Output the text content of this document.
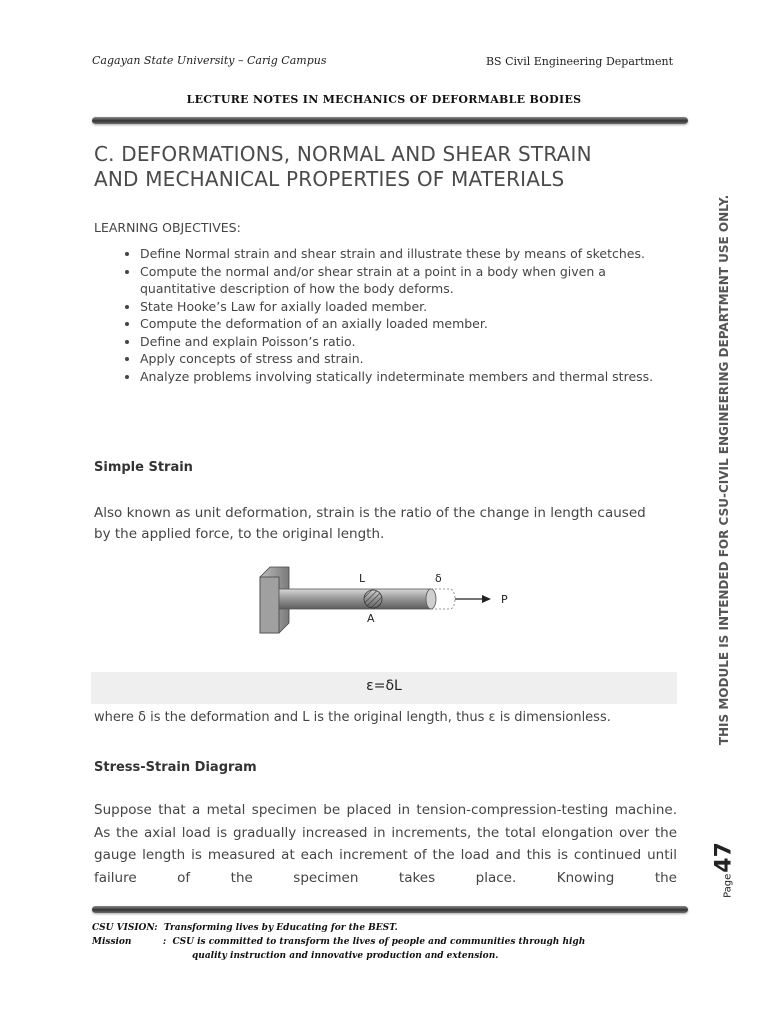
Cagayan State University – Carig Campus	BS Civil Engineering Department
LECTURE NOTES IN MECHANICS OF DEFORMABLE BODIES
C. DEFORMATIONS, NORMAL AND SHEAR STRAIN
AND MECHANICAL PROPERTIES OF MATERIALS
LEARNING OBJECTIVES:
• Define Normal strain and shear strain and illustrate these by means of sketches.
• Compute the normal and/or shear strain at a point in a body when given a quantitative description of how the body deforms.
• State Hooke’s Law for axially loaded member.
• Compute the deformation of an axially loaded member.
• Define and explain Poisson’s ratio.
• Apply concepts of stress and strain.
• Analyze problems involving statically indeterminate members and thermal stress.
Simple Strain
Also known as unit deformation, strain is the ratio of the change in length caused by the applied force, to the original length.
L	δ
P
A
ε=δL
where δ is the deformation and L is the original length, thus ε is dimensionless.
Stress-Strain Diagram
Suppose that a metal specimen be placed in tension-compression-testing machine. As the axial load is gradually increased in increments, the total elongation over the gauge length is measured at each increment of the load and this is continued until failure of the specimen takes place. Knowing the
THIS MODULE IS INTENDED FOR CSU-CIVIL ENGINEERING DEPARTMENT USE ONLY.
Page47
CSU VISION: Transforming lives by Educating for the BEST.
Mission	: CSU is committed to transform the lives of people and communities through high
quality instruction and innovative production and extension.
